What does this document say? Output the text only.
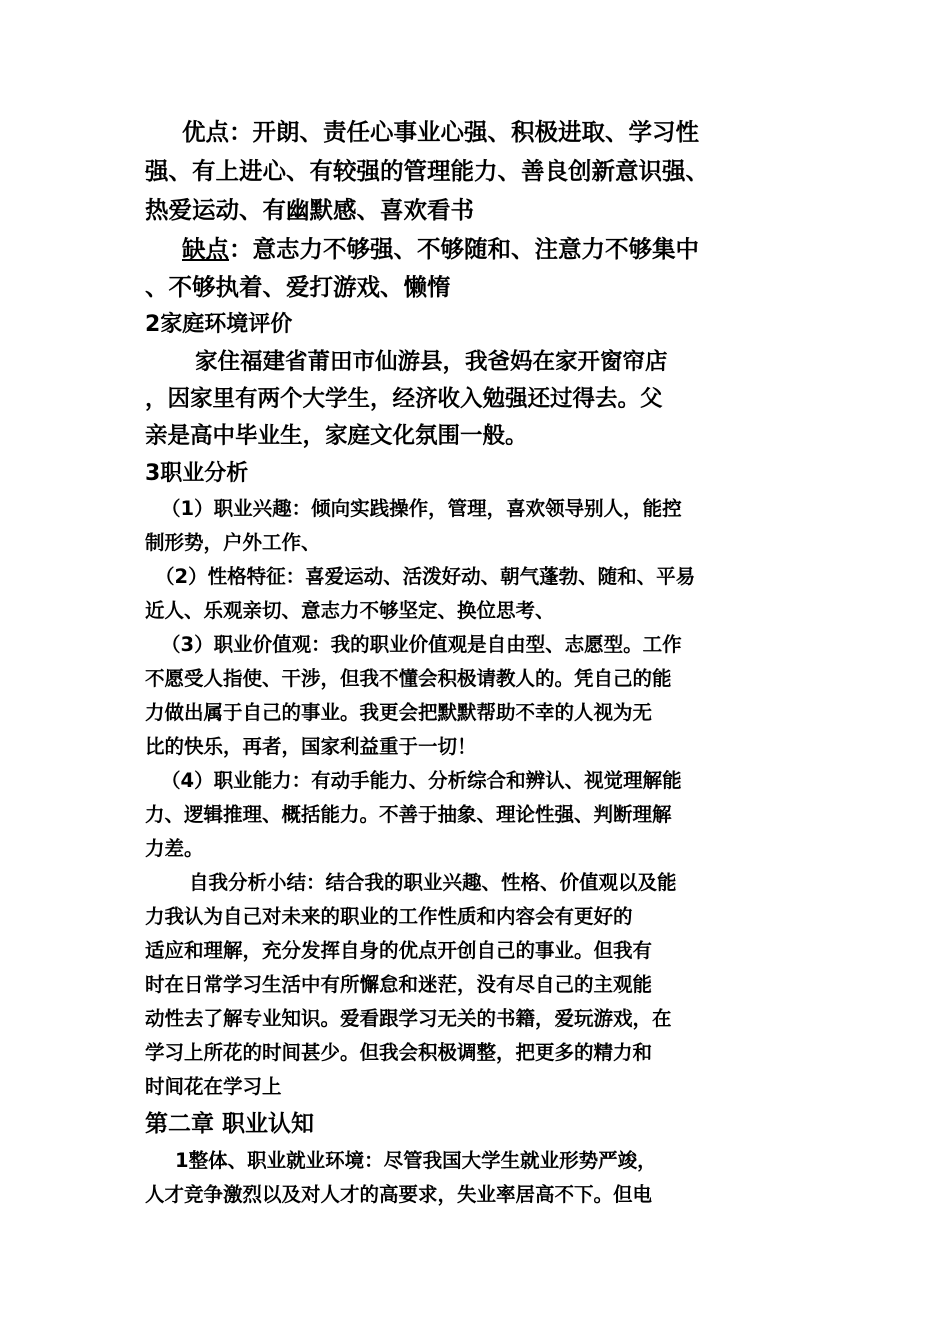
优点：开朗、责任心事业心强、积极进取、学习性
强、有上进心、有较强的管理能力、善良创新意识强、
热爱运动、有幽默感、喜欢看书
缺点：意志力不够强、不够随和、注意力不够集中
、不够执着、爱打游戏、懒惰
2家庭环境评价
家住福建省莆田市仙游县，我爸妈在家开窗帘店
，因家里有两个大学生，经济收入勉强还过得去。父
亲是高中毕业生，家庭文化氛围一般。
3职业分析
（1）职业兴趣：倾向实践操作，管理，喜欢领导别人，能控
制形势，户外工作、
（2）性格特征：喜爱运动、活泼好动、朝气蓬勃、随和、平易
近人、乐观亲切、意志力不够坚定、换位思考、
（3）职业价值观：我的职业价值观是自由型、志愿型。工作
不愿受人指使、干涉，但我不懂会积极请教人的。凭自己的能
力做出属于自己的事业。我更会把默默帮助不幸的人视为无
比的快乐，再者，国家利益重于一切！
（4）职业能力：有动手能力、分析综合和辨认、视觉理解能
力、逻辑推理、概括能力。不善于抽象、理论性强、判断理解
力差。
自我分析小结：结合我的职业兴趣、性格、价值观以及能
力我认为自己对未来的职业的工作性质和内容会有更好的
适应和理解，充分发挥自身的优点开创自己的事业。但我有
时在日常学习生活中有所懈怠和迷茫，没有尽自己的主观能
动性去了解专业知识。爱看跟学习无关的书籍，爱玩游戏，在
学习上所花的时间甚少。但我会积极调整，把更多的精力和
时间花在学习上
第二章 职业认知
1整体、职业就业环境：尽管我国大学生就业形势严竣，
人才竞争激烈以及对人才的高要求，失业率居高不下。但电
